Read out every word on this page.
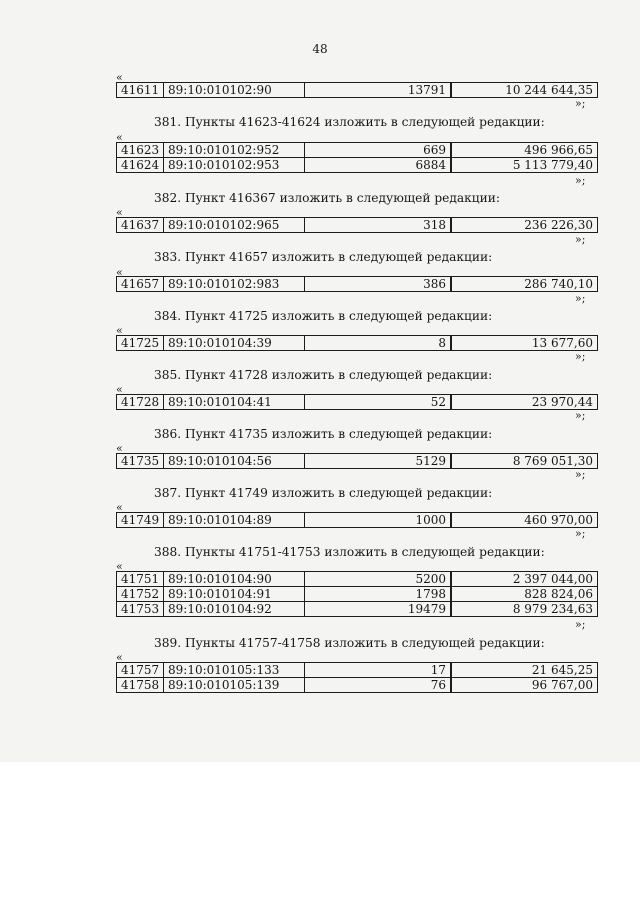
48
«
41611	89:10:010102:90	13791	10 244 644,35
»;
381. Пункты 41623-41624 изложить в следующей редакции:
«
41623	89:10:010102:952	669	496 966,65
41624	89:10:010102:953	6884	5 113 779,40
»;
382. Пункт 416367 изложить в следующей редакции:
«
41637	89:10:010102:965	318	236 226,30
»;
383. Пункт 41657 изложить в следующей редакции:
«
41657	89:10:010102:983	386	286 740,10
»;
384. Пункт 41725 изложить в следующей редакции:
«
41725	89:10:010104:39	8	13 677,60
»;
385. Пункт 41728 изложить в следующей редакции:
«
41728	89:10:010104:41	52	23 970,44
»;
386. Пункт 41735 изложить в следующей редакции:
«
41735	89:10:010104:56	5129	8 769 051,30
»;
387. Пункт 41749 изложить в следующей редакции:
«
41749	89:10:010104:89	1000	460 970,00
»;
388. Пункты 41751-41753 изложить в следующей редакции:
«
41751	89:10:010104:90	5200	2 397 044,00
41752	89:10:010104:91	1798	828 824,06
41753	89:10:010104:92	19479	8 979 234,63
»;
389. Пункты 41757-41758 изложить в следующей редакции:
«
41757	89:10:010105:133	17	21 645,25
41758	89:10:010105:139	76	96 767,00
